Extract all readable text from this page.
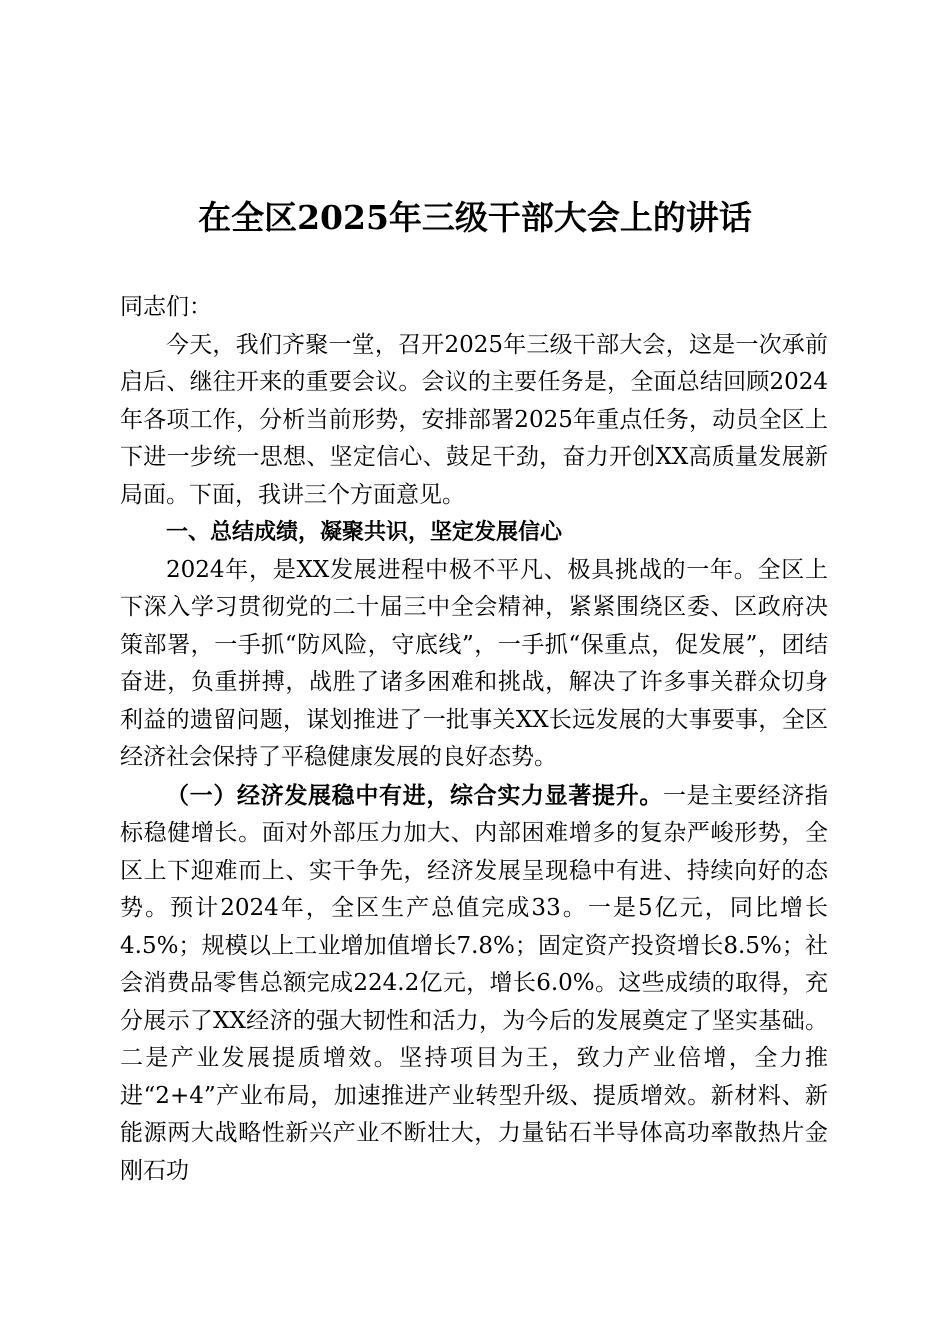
在全区2025年三级干部大会上的讲话

同志们：

今天，我们齐聚一堂，召开2025年三级干部大会，这是一次承前启后、继往开来的重要会议。会议的主要任务是，全面总结回顾2024年各项工作，分析当前形势，安排部署2025年重点任务，动员全区上下进一步统一思想、坚定信心、鼓足干劲，奋力开创XX高质量发展新局面。下面，我讲三个方面意见。

一、总结成绩，凝聚共识，坚定发展信心

2024年，是XX发展进程中极不平凡、极具挑战的一年。全区上下深入学习贯彻党的二十届三中全会精神，紧紧围绕区委、区政府决策部署，一手抓“防风险，守底线”，一手抓“保重点，促发展”，团结奋进，负重拼搏，战胜了诸多困难和挑战，解决了许多事关群众切身利益的遗留问题，谋划推进了一批事关XX长远发展的大事要事，全区经济社会保持了平稳健康发展的良好态势。

（一）经济发展稳中有进，综合实力显著提升。一是主要经济指标稳健增长。面对外部压力加大、内部困难增多的复杂严峻形势，全区上下迎难而上、实干争先，经济发展呈现稳中有进、持续向好的态势。预计2024年，全区生产总值完成33。一是5亿元，同比增长4.5%；规模以上工业增加值增长7.8%；固定资产投资增长8.5%；社会消费品零售总额完成224.2亿元，增长6.0%。这些成绩的取得，充分展示了XX经济的强大韧性和活力，为今后的发展奠定了坚实基础。二是产业发展提质增效。坚持项目为王，致力产业倍增，全力推进“2+4”产业布局，加速推进产业转型升级、提质增效。新材料、新能源两大战略性新兴产业不断壮大，力量钻石半导体高功率散热片金刚石功
